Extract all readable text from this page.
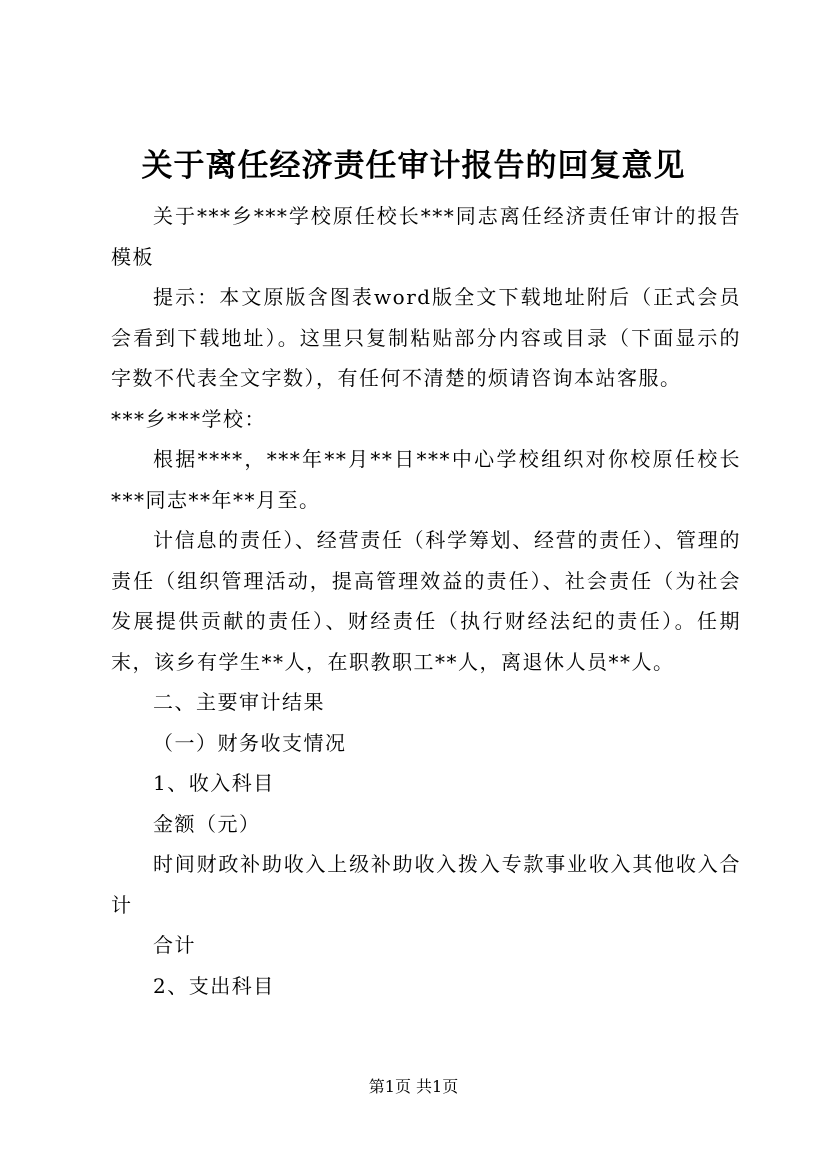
关于离任经济责任审计报告的回复意见

关于***乡***学校原任校长***同志离任经济责任审计的报告模板

提示：本文原版含图表word版全文下载地址附后（正式会员会看到下载地址）。这里只复制粘贴部分内容或目录（下面显示的字数不代表全文字数），有任何不清楚的烦请咨询本站客服。

***乡***学校：

根据****，***年**月**日***中心学校组织对你校原任校长***同志**年**月至。

计信息的责任）、经营责任（科学筹划、经营的责任）、管理的责任（组织管理活动，提高管理效益的责任）、社会责任（为社会发展提供贡献的责任）、财经责任（执行财经法纪的责任）。任期末，该乡有学生**人，在职教职工**人，离退休人员**人。

二、主要审计结果

（一）财务收支情况

1、收入科目

金额（元）

时间财政补助收入上级补助收入拨入专款事业收入其他收入合计

合计

2、支出科目

第1页 共1页
